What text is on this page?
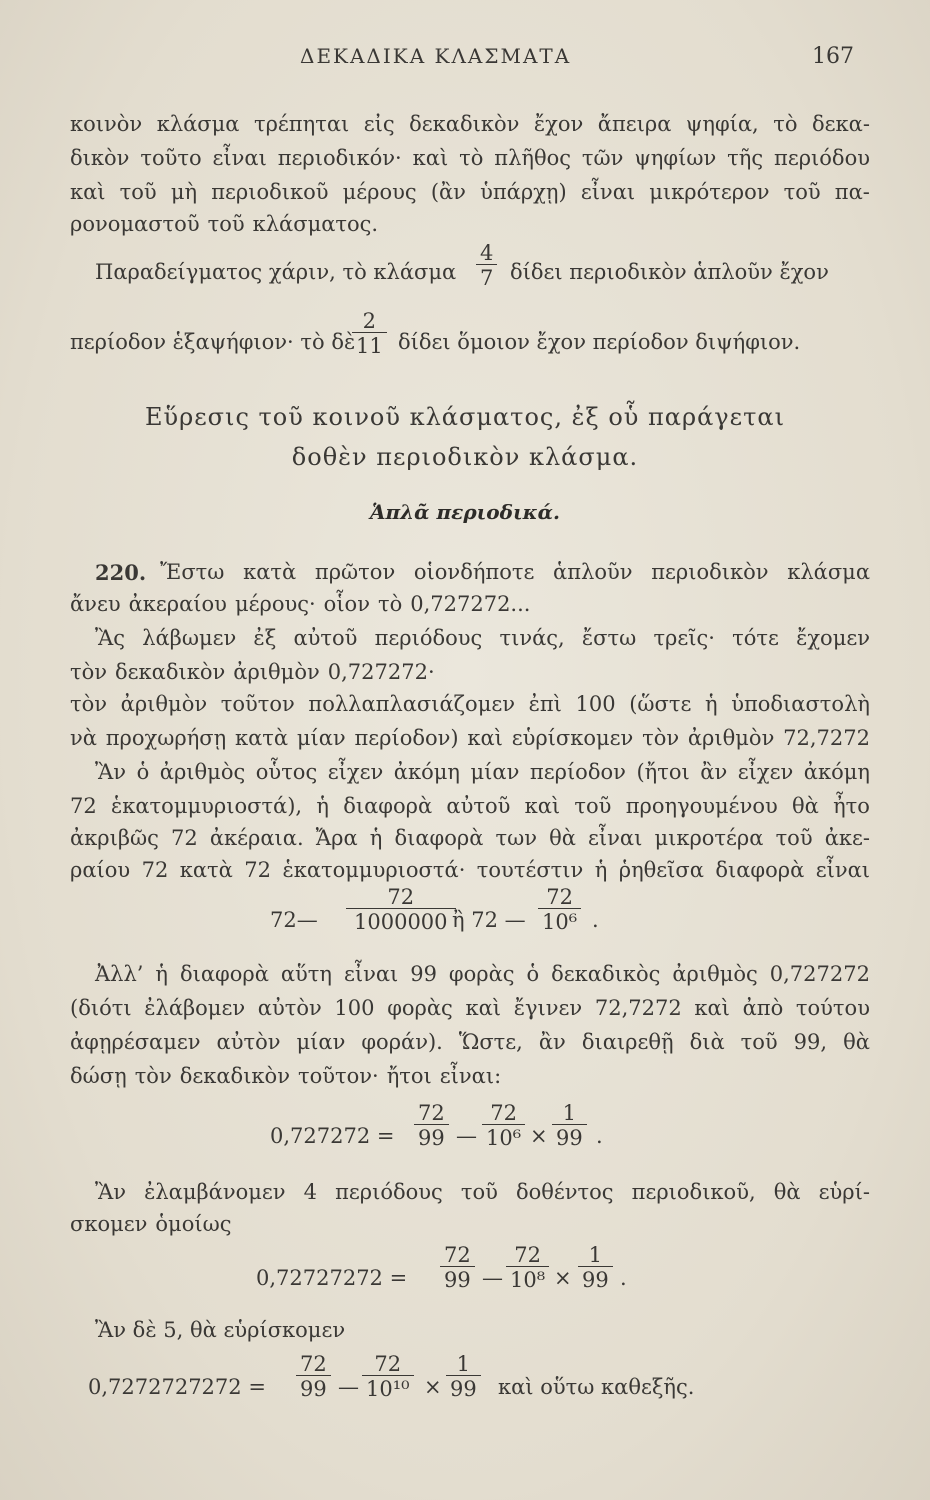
ΔΕΚΑΔΙΚΑ ΚΛΑΣΜΑΤΑ	167
κοινὸν κλάσμα τρέπηται εἰς δεκαδικὸν ἔχον ἄπειρα ψηφία, τὸ δεκα-
δικὸν τοῦτο εἶναι περιοδικόν· καὶ τὸ πλῆθος τῶν ψηφίων τῆς περιόδου
καὶ τοῦ μὴ περιοδικοῦ μέρους (ἂν ὑπάρχῃ) εἶναι μικρότερον τοῦ πα-
ρονομαστοῦ τοῦ κλάσματος.
Παραδείγματος χάριν, τὸ κλάσμα $\frac{4}{7}$ δίδει περιοδικὸν ἁπλοῦν ἔχον
περίοδον ἑξαψήφιον· τὸ δὲ
$\frac{2}{11}$ δίδει ὅμοιον ἔχον περίοδον διψήφιον.
Εὕρεσις τοῦ κοινοῦ κλάσματος, ἐξ οὗ παράγεται
δοθὲν περιοδικὸν κλάσμα.
Ἁπλᾶ περιοδικά.
220. Ἔστω κατὰ πρῶτον οἱονδήποτε ἁπλοῦν περιοδικὸν κλάσμα
ἄνευ ἀκεραίου μέρους· οἷον τὸ 0,727272...
Ἂς λάβωμεν ἐξ αὐτοῦ περιόδους τινάς, ἔστω τρεῖς· τότε ἔχομεν
τὸν δεκαδικὸν ἀριθμὸν 0,727272·
τὸν ἀριθμὸν τοῦτον πολλαπλασιάζομεν ἐπὶ 100 (ὥστε ἡ ὑποδιαστολὴ
νὰ προχωρήσῃ κατὰ μίαν περίοδον) καὶ εὑρίσκομεν τὸν ἀριθμὸν 72,7272
Ἂν ὁ ἀριθμὸς οὗτος εἶχεν ἀκόμη μίαν περίοδον (ἤτοι ἂν εἶχεν ἀκόμη
72 ἑκατομμυριοστά), ἡ διαφορὰ αὐτοῦ καὶ τοῦ προηγουμένου θὰ ἦτο
ἀκριβῶς 72 ἀκέραια. Ἄρα ἡ διαφορὰ των θὰ εἶναι μικροτέρα τοῦ ἀκε-
ραίου 72 κατὰ 72 ἑκατομμυριοστά· τουτέστιν ἡ ῥηθεῖσα διαφορὰ εἶναι
72— $\frac{72}{1000000}$
ἢ 72 — $\frac{72}{\text{10⁶}}$ .
Ἀλλ’ ἡ διαφορὰ αὕτη εἶναι 99 φορὰς ὁ δεκαδικὸς ἀριθμὸς 0,727272
(διότι ἐλάβομεν αὐτὸν 100 φορὰς καὶ ἔγινεν 72,7272 καὶ ἀπὸ τούτου
ἀφῃρέσαμεν αὐτὸν μίαν φοράν). Ὥστε, ἂν διαιρεθῇ διὰ τοῦ 99, θὰ
δώσῃ τὸν δεκαδικὸν τοῦτον· ἤτοι εἶναι:
$0,727272 = \frac{72}{99}$ — $\frac{72}{\text{10⁶}} \times \frac{1}{99}$ .
Ἂν ἐλαμβάνομεν 4 περιόδους τοῦ δοθέντος περιοδικοῦ, θὰ εὑρί-
σκομεν ὁμοίως
$0,72727272 = \frac{72}{99}$ — $\frac{72}{\text{10⁸}} \times \frac{1}{99}$ .
Ἂν δὲ 5, θὰ εὑρίσκομεν
$0,7272727272 = \frac{72}{99}$ — $\frac{72}{\text{10¹⁰}} \times \frac{1}{99}$ καὶ οὕτω καθεξῆς.
